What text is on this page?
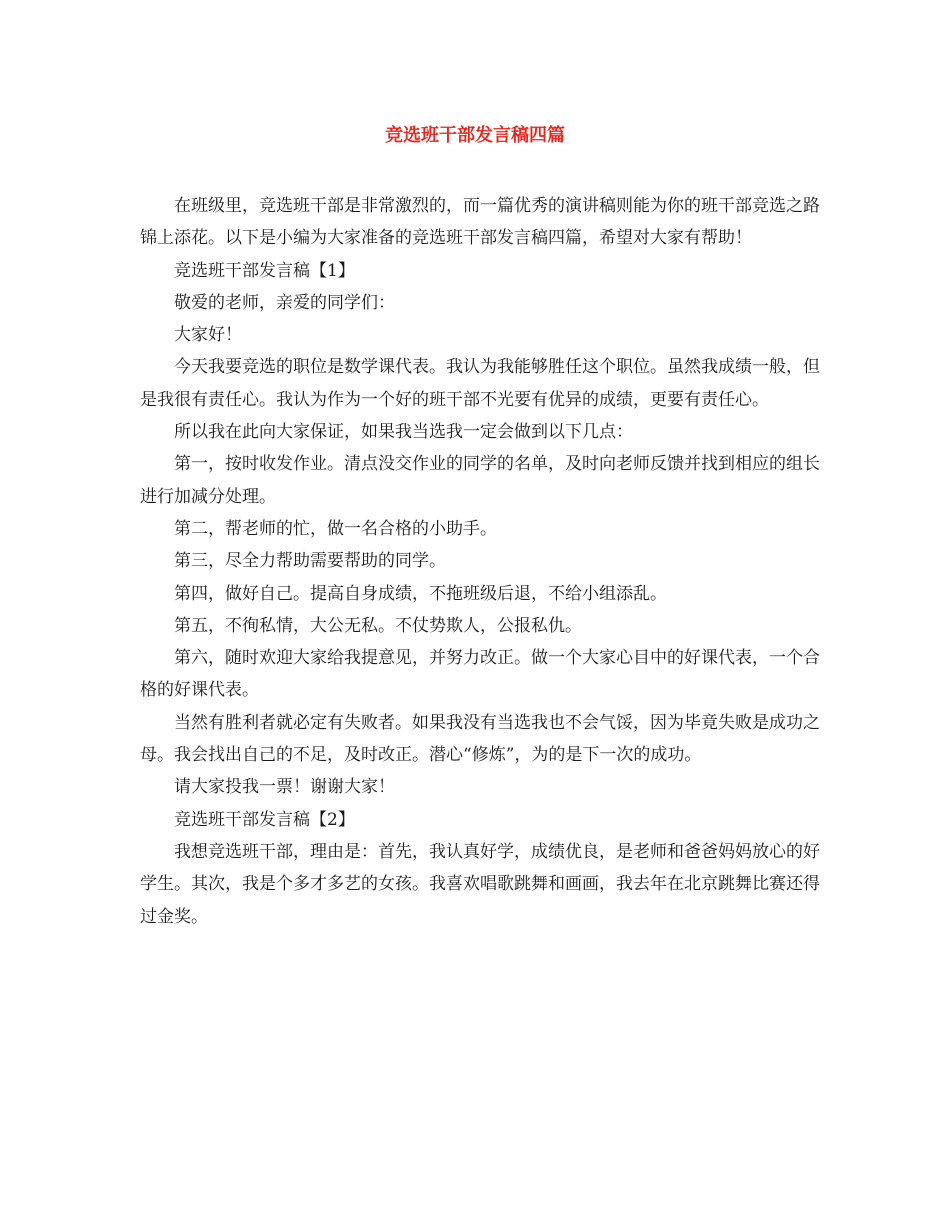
竞选班干部发言稿四篇

在班级里，竞选班干部是非常激烈的，而一篇优秀的演讲稿则能为你的班干部竞选之路锦上添花。以下是小编为大家准备的竞选班干部发言稿四篇，希望对大家有帮助！

竞选班干部发言稿【1】

敬爱的老师，亲爱的同学们：

大家好！

今天我要竞选的职位是数学课代表。我认为我能够胜任这个职位。虽然我成绩一般，但是我很有责任心。我认为作为一个好的班干部不光要有优异的成绩，更要有责任心。

所以我在此向大家保证，如果我当选我一定会做到以下几点：

第一，按时收发作业。清点没交作业的同学的名单，及时向老师反馈并找到相应的组长进行加减分处理。

第二，帮老师的忙，做一名合格的小助手。

第三，尽全力帮助需要帮助的同学。

第四，做好自己。提高自身成绩，不拖班级后退，不给小组添乱。

第五，不徇私情，大公无私。不仗势欺人，公报私仇。

第六，随时欢迎大家给我提意见，并努力改正。做一个大家心目中的好课代表，一个合格的好课代表。

当然有胜利者就必定有失败者。如果我没有当选我也不会气馁，因为毕竟失败是成功之母。我会找出自己的不足，及时改正。潜心“修炼”，为的是下一次的成功。

请大家投我一票！谢谢大家！

竞选班干部发言稿【2】

我想竞选班干部，理由是：首先，我认真好学，成绩优良，是老师和爸爸妈妈放心的好学生。其次，我是个多才多艺的女孩。我喜欢唱歌跳舞和画画，我去年在北京跳舞比赛还得过金奖。
